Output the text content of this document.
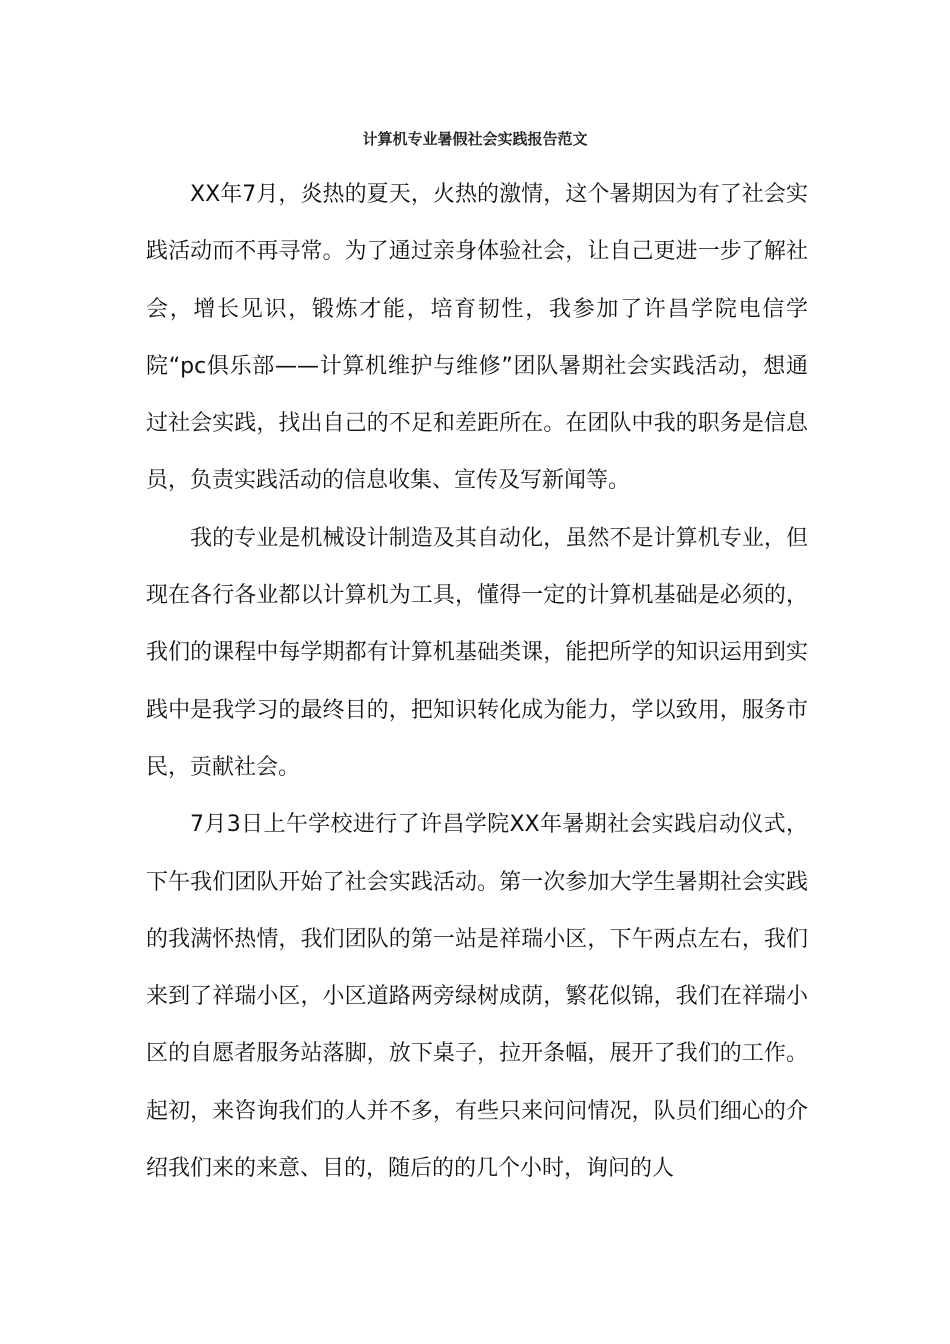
计算机专业暑假社会实践报告范文

XX年7月，炎热的夏天，火热的激情，这个暑期因为有了社会实践活动而不再寻常。为了通过亲身体验社会，让自己更进一步了解社会，增长见识，锻炼才能，培育韧性，我参加了许昌学院电信学院“pc俱乐部——计算机维护与维修”团队暑期社会实践活动，想通过社会实践，找出自己的不足和差距所在。在团队中我的职务是信息员，负责实践活动的信息收集、宣传及写新闻等。

我的专业是机械设计制造及其自动化，虽然不是计算机专业，但现在各行各业都以计算机为工具，懂得一定的计算机基础是必须的，我们的课程中每学期都有计算机基础类课，能把所学的知识运用到实践中是我学习的最终目的，把知识转化成为能力，学以致用，服务市民，贡献社会。

7月3日上午学校进行了许昌学院XX年暑期社会实践启动仪式，下午我们团队开始了社会实践活动。第一次参加大学生暑期社会实践的我满怀热情，我们团队的第一站是祥瑞小区，下午两点左右，我们来到了祥瑞小区，小区道路两旁绿树成荫，繁花似锦，我们在祥瑞小区的自愿者服务站落脚，放下桌子，拉开条幅，展开了我们的工作。起初，来咨询我们的人并不多，有些只来问问情况，队员们细心的介绍我们来的来意、目的，随后的的几个小时，询问的人
